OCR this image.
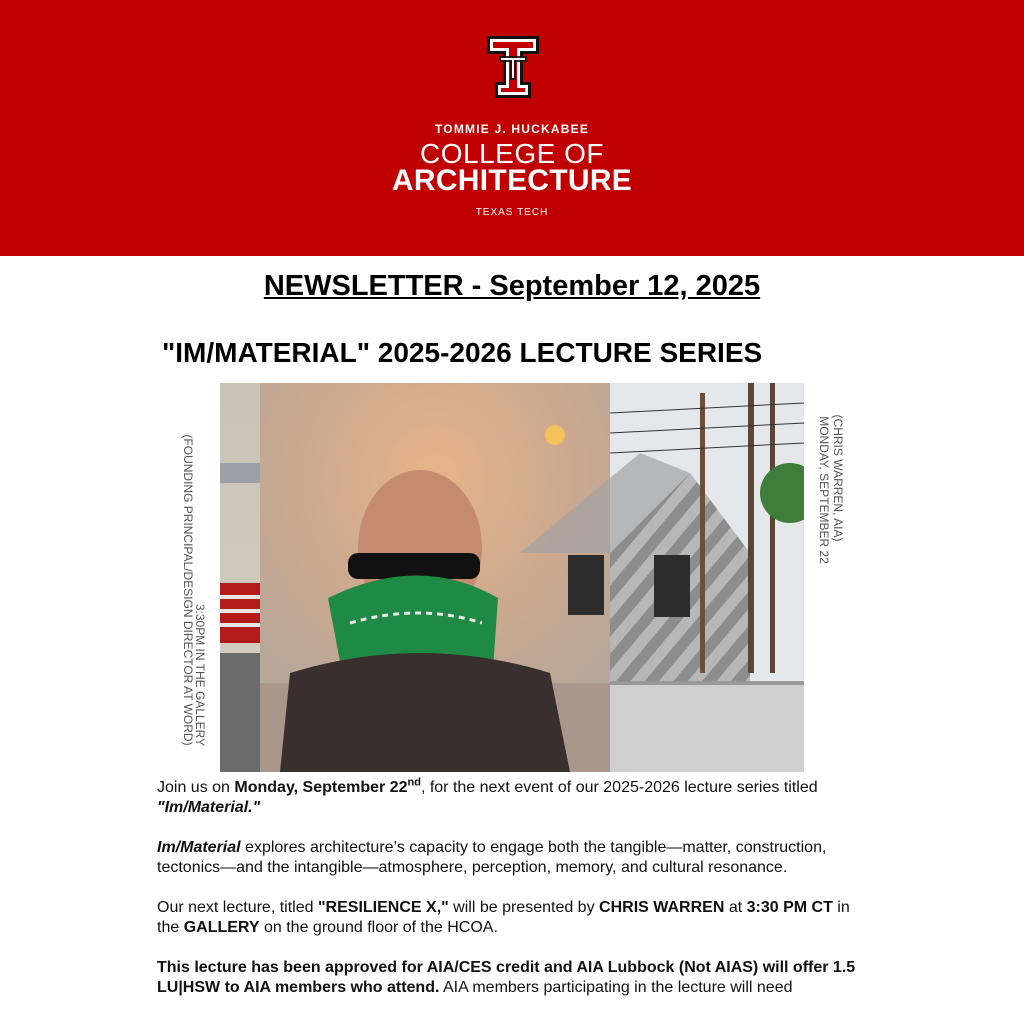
TOMMIE J. HUCKABEE
COLLEGE OF
ARCHITECTURE
TEXAS TECH
NEWSLETTER - September 12, 2025
"IM/MATERIAL" 2025-2026 LECTURE SERIES
(FOUNDING PRINCIPAL/DESIGN DIRECTOR AT WORD)
3:30PM IN THE GALLERY
(CHRIS WARREN, AIA)
MONDAY, SEPTEMBER 22

Join us on Monday, September 22nd, for the next event of our 2025-2026 lecture series titled "Im/Material."

Im/Material explores architecture’s capacity to engage both the tangible—matter, construction, tectonics—and the intangible—atmosphere, perception, memory, and cultural resonance.

Our next lecture, titled "RESILIENCE X," will be presented by CHRIS WARREN at 3:30 PM CT in the GALLERY on the ground floor of the HCOA.

This lecture has been approved for AIA/CES credit and AIA Lubbock (Not AIAS) will offer 1.5 LU|HSW to AIA members who attend. AIA members participating in the lecture will need
